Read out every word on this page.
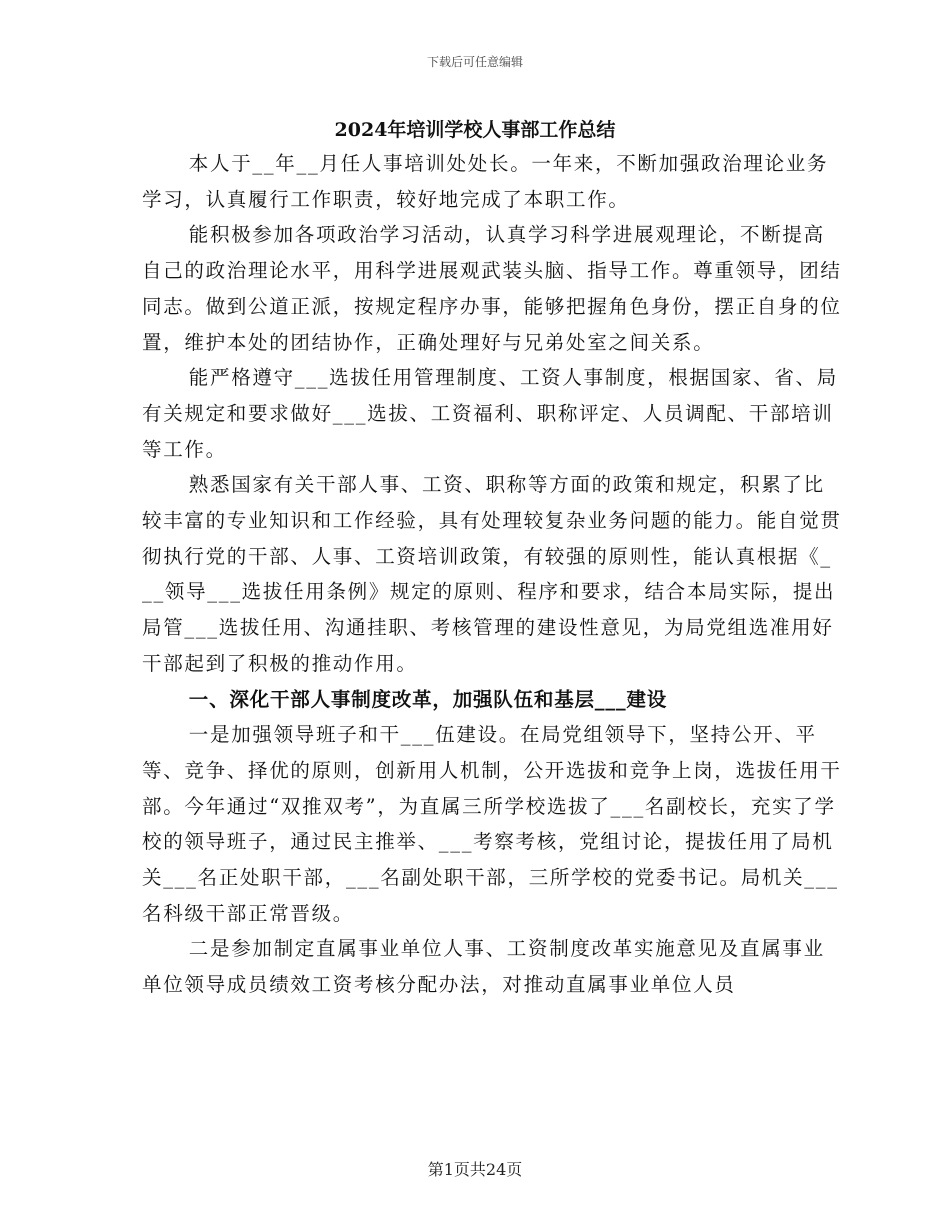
下载后可任意编辑
2024年培训学校人事部工作总结

本人于__年__月任人事培训处处长。一年来，不断加强政治理论业务学习，认真履行工作职责，较好地完成了本职工作。

能积极参加各项政治学习活动，认真学习科学进展观理论，不断提高自己的政治理论水平，用科学进展观武装头脑、指导工作。尊重领导，团结同志。做到公道正派，按规定程序办事，能够把握角色身份，摆正自身的位置，维护本处的团结协作，正确处理好与兄弟处室之间关系。

能严格遵守___选拔任用管理制度、工资人事制度，根据国家、省、局有关规定和要求做好___选拔、工资福利、职称评定、人员调配、干部培训等工作。

熟悉国家有关干部人事、工资、职称等方面的政策和规定，积累了比较丰富的专业知识和工作经验，具有处理较复杂业务问题的能力。能自觉贯彻执行党的干部、人事、工资培训政策，有较强的原则性，能认真根据《___领导___选拔任用条例》规定的原则、程序和要求，结合本局实际，提出局管___选拔任用、沟通挂职、考核管理的建设性意见，为局党组选准用好干部起到了积极的推动作用。

一、深化干部人事制度改革，加强队伍和基层___建设

一是加强领导班子和干___伍建设。在局党组领导下，坚持公开、平等、竞争、择优的原则，创新用人机制，公开选拔和竞争上岗，选拔任用干部。今年通过“双推双考”，为直属三所学校选拔了___名副校长，充实了学校的领导班子，通过民主推举、___考察考核，党组讨论，提拔任用了局机关___名正处职干部，___名副处职干部，三所学校的党委书记。局机关___名科级干部正常晋级。

二是参加制定直属事业单位人事、工资制度改革实施意见及直属事业单位领导成员绩效工资考核分配办法，对推动直属事业单位人员

第1页共24页
